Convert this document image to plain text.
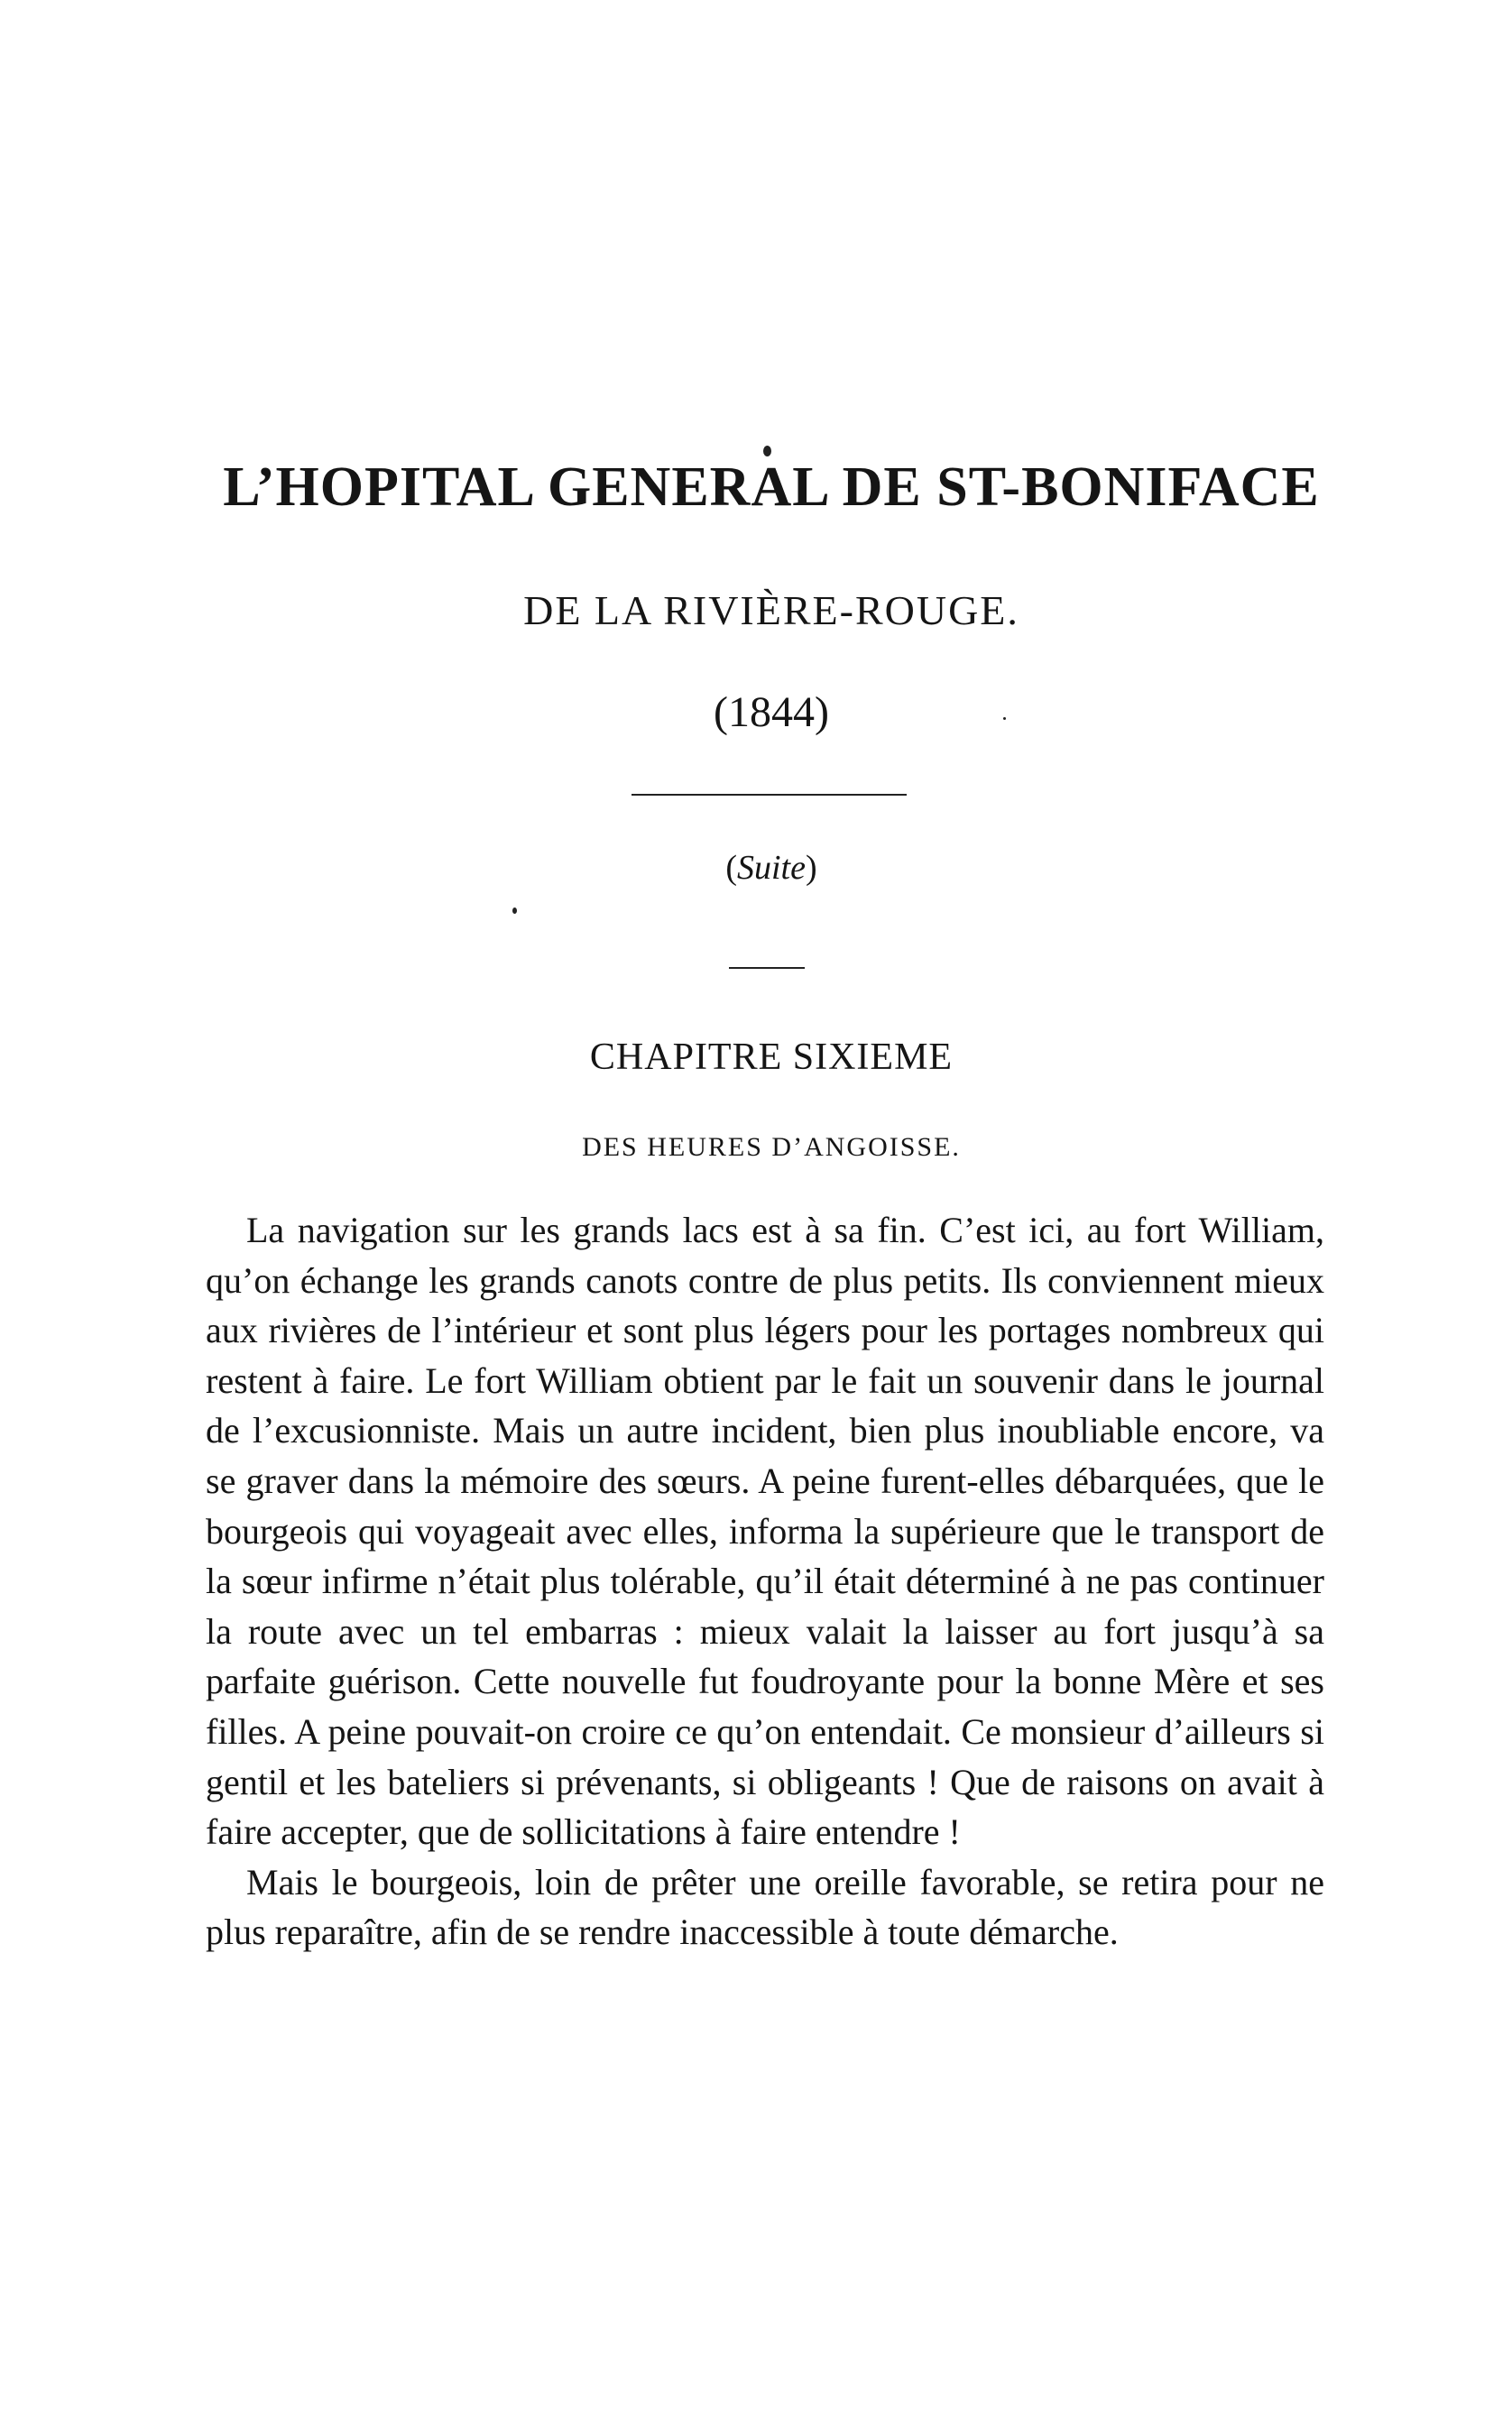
L’HOPITAL GENERAL DE ST-BONIFACE
DE LA RIVIÈRE-ROUGE.
(1844)
(Suite)
CHAPITRE SIXIEME
DES HEURES D’ANGOISSE.

La navigation sur les grands lacs est à sa fin. C’est ici, au fort William, qu’on échange les grands canots contre de plus petits. Ils conviennent mieux aux rivières de l’intérieur et sont plus légers pour les portages nombreux qui restent à faire. Le fort William obtient par le fait un souvenir dans le journal de l’excusionniste. Mais un autre incident, bien plus inoubliable encore, va se graver dans la mémoire des sœurs. A peine furent-elles débarquées, que le bourgeois qui voyageait avec elles, informa la supérieure que le transport de la sœur infirme n’était plus tolérable, qu’il était déterminé à ne pas continuer la route avec un tel embarras : mieux valait la laisser au fort jusqu’à sa parfaite guérison. Cette nouvelle fut foudroyante pour la bonne Mère et ses filles. A peine pouvait-on croire ce qu’on entendait. Ce monsieur d’ailleurs si gentil et les bateliers si prévenants, si obligeants ! Que de raisons on avait à faire accepter, que de sollicitations à faire entendre !

Mais le bourgeois, loin de prêter une oreille favorable, se retira pour ne plus reparaître, afin de se rendre inaccessible à toute démarche.
